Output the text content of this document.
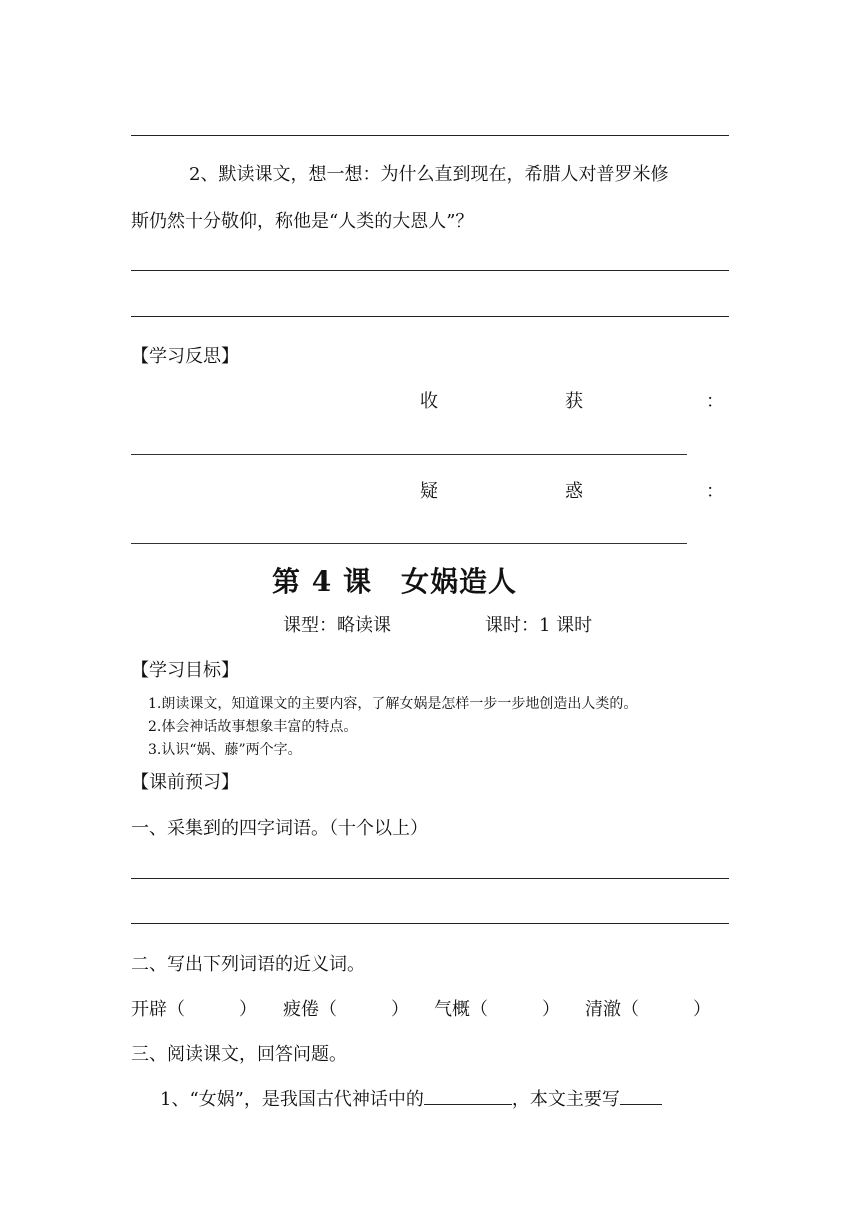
2、默读课文，想一想：为什么直到现在，希腊人对普罗米修
斯仍然十分敬仰，称他是“人类的大恩人”？
【学习反思】
收	获	：
疑	惑	：
第 4 课　女娲造人
课型：略读课	课时：1 课时
【学习目标】
1.朗读课文，知道课文的主要内容，了解女娲是怎样一步一步地创造出人类的。
2.体会神话故事想象丰富的特点。
3.认识“娲、藤”两个字。
【课前预习】
一、采集到的四字词语。（十个以上）
二、写出下列词语的近义词。
开辟（　　　） 疲倦（　　　） 气概（　　　） 清澈（　　　）
三、阅读课文，回答问题。
1、“女娲”，是我国古代神话中的	，本文主要写
